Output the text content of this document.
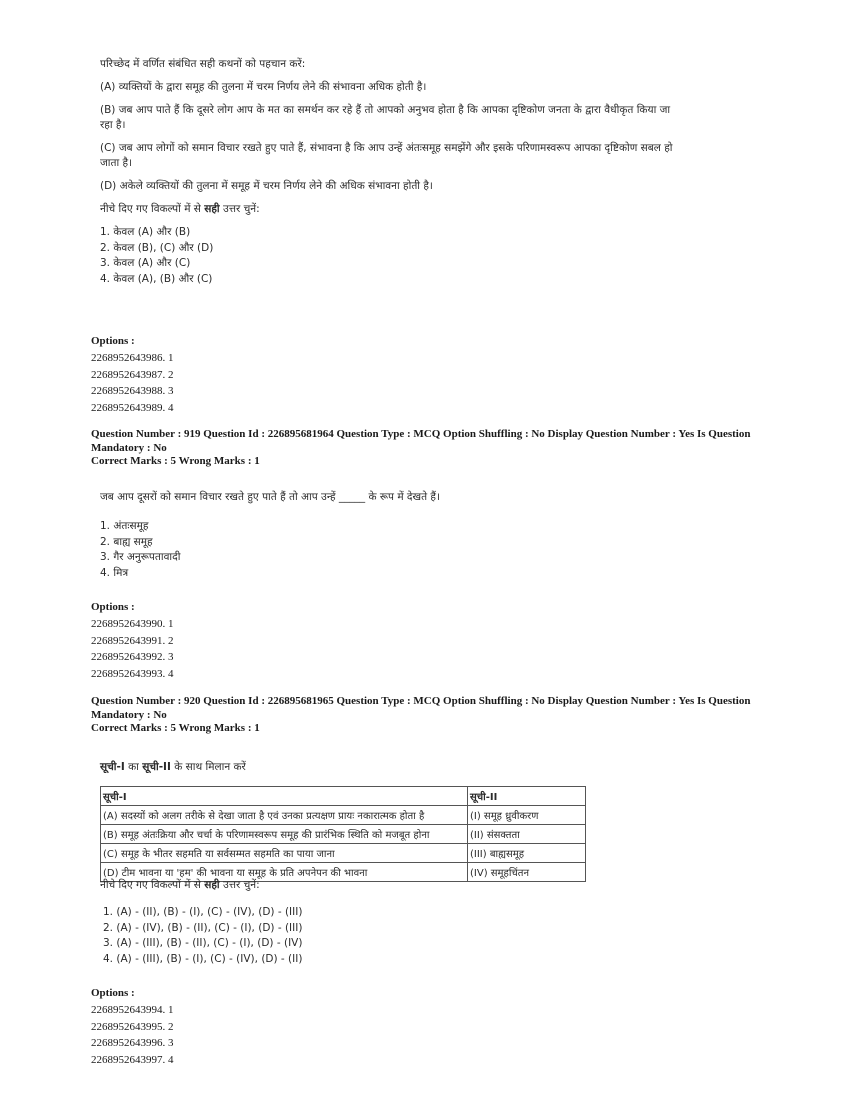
परिच्छेद में वर्णित संबंधित सही कथनों को पहचान करें:

(A) व्यक्तियों के द्वारा समूह की तुलना में चरम निर्णय लेने की संभावना अधिक होती है।

(B) जब आप पाते हैं कि दूसरे लोग आप के मत का समर्थन कर रहे हैं तो आपको अनुभव होता है कि आपका दृष्टिकोण जनता के द्वारा वैधीकृत किया जा रहा है।

(C) जब आप लोगों को समान विचार रखते हुए पाते हैं, संभावना है कि आप उन्हें अंतःसमूह समझेंगे और इसके परिणामस्वरूप आपका दृष्टिकोण सबल हो जाता है।

(D) अकेले व्यक्तियों की तुलना में समूह में चरम निर्णय लेने की अधिक संभावना होती है।

नीचे दिए गए विकल्पों में से सही उत्तर चुनें:

1. केवल (A) और (B)
2. केवल (B), (C) और (D)
3. केवल (A) और (C)
4. केवल (A), (B) और (C)
Options :
2268952643986. 1
2268952643987. 2
2268952643988. 3
2268952643989. 4
Question Number : 919 Question Id : 226895681964 Question Type : MCQ Option Shuffling : No Display Question Number : Yes Is Question
Mandatory : No
Correct Marks : 5 Wrong Marks : 1

जब आप दूसरों को समान विचार रखते हुए पाते हैं तो आप उन्हें _____ के रूप में देखते हैं।

1. अंतःसमूह
2. बाह्य समूह
3. गैर अनुरूपतावादी
4. मित्र
Options :
2268952643990. 1
2268952643991. 2
2268952643992. 3
2268952643993. 4
Question Number : 920 Question Id : 226895681965 Question Type : MCQ Option Shuffling : No Display Question Number : Yes Is Question
Mandatory : No
Correct Marks : 5 Wrong Marks : 1
सूची-I का सूची-II के साथ मिलान करें
सूची-I	सूची-II
(A) सदस्यों को अलग तरीके से देखा जाता है एवं उनका प्रत्यक्षण प्रायः नकारात्मक होता है	(I) समूह ध्रुवीकरण
(B) समूह अंतःक्रिया और चर्चा के परिणामस्वरूप समूह की प्रारंभिक स्थिति को मजबूत होना	(II) संसक्तता
(C) समूह के भीतर सहमति या सर्वसम्मत सहमति का पाया जाना	(III) बाह्यसमूह
(D) टीम भावना या 'हम' की भावना या समूह के प्रति अपनेपन की भावना	(IV) समूहचिंतन
नीचे दिए गए विकल्पों में से सही उत्तर चुनें:
1. (A) - (II), (B) - (I), (C) - (IV), (D) - (III)
2. (A) - (IV), (B) - (II), (C) - (I), (D) - (III)
3. (A) - (III), (B) - (II), (C) - (I), (D) - (IV)
4. (A) - (III), (B) - (I), (C) - (IV), (D) - (II)
Options :
2268952643994. 1
2268952643995. 2
2268952643996. 3
2268952643997. 4
